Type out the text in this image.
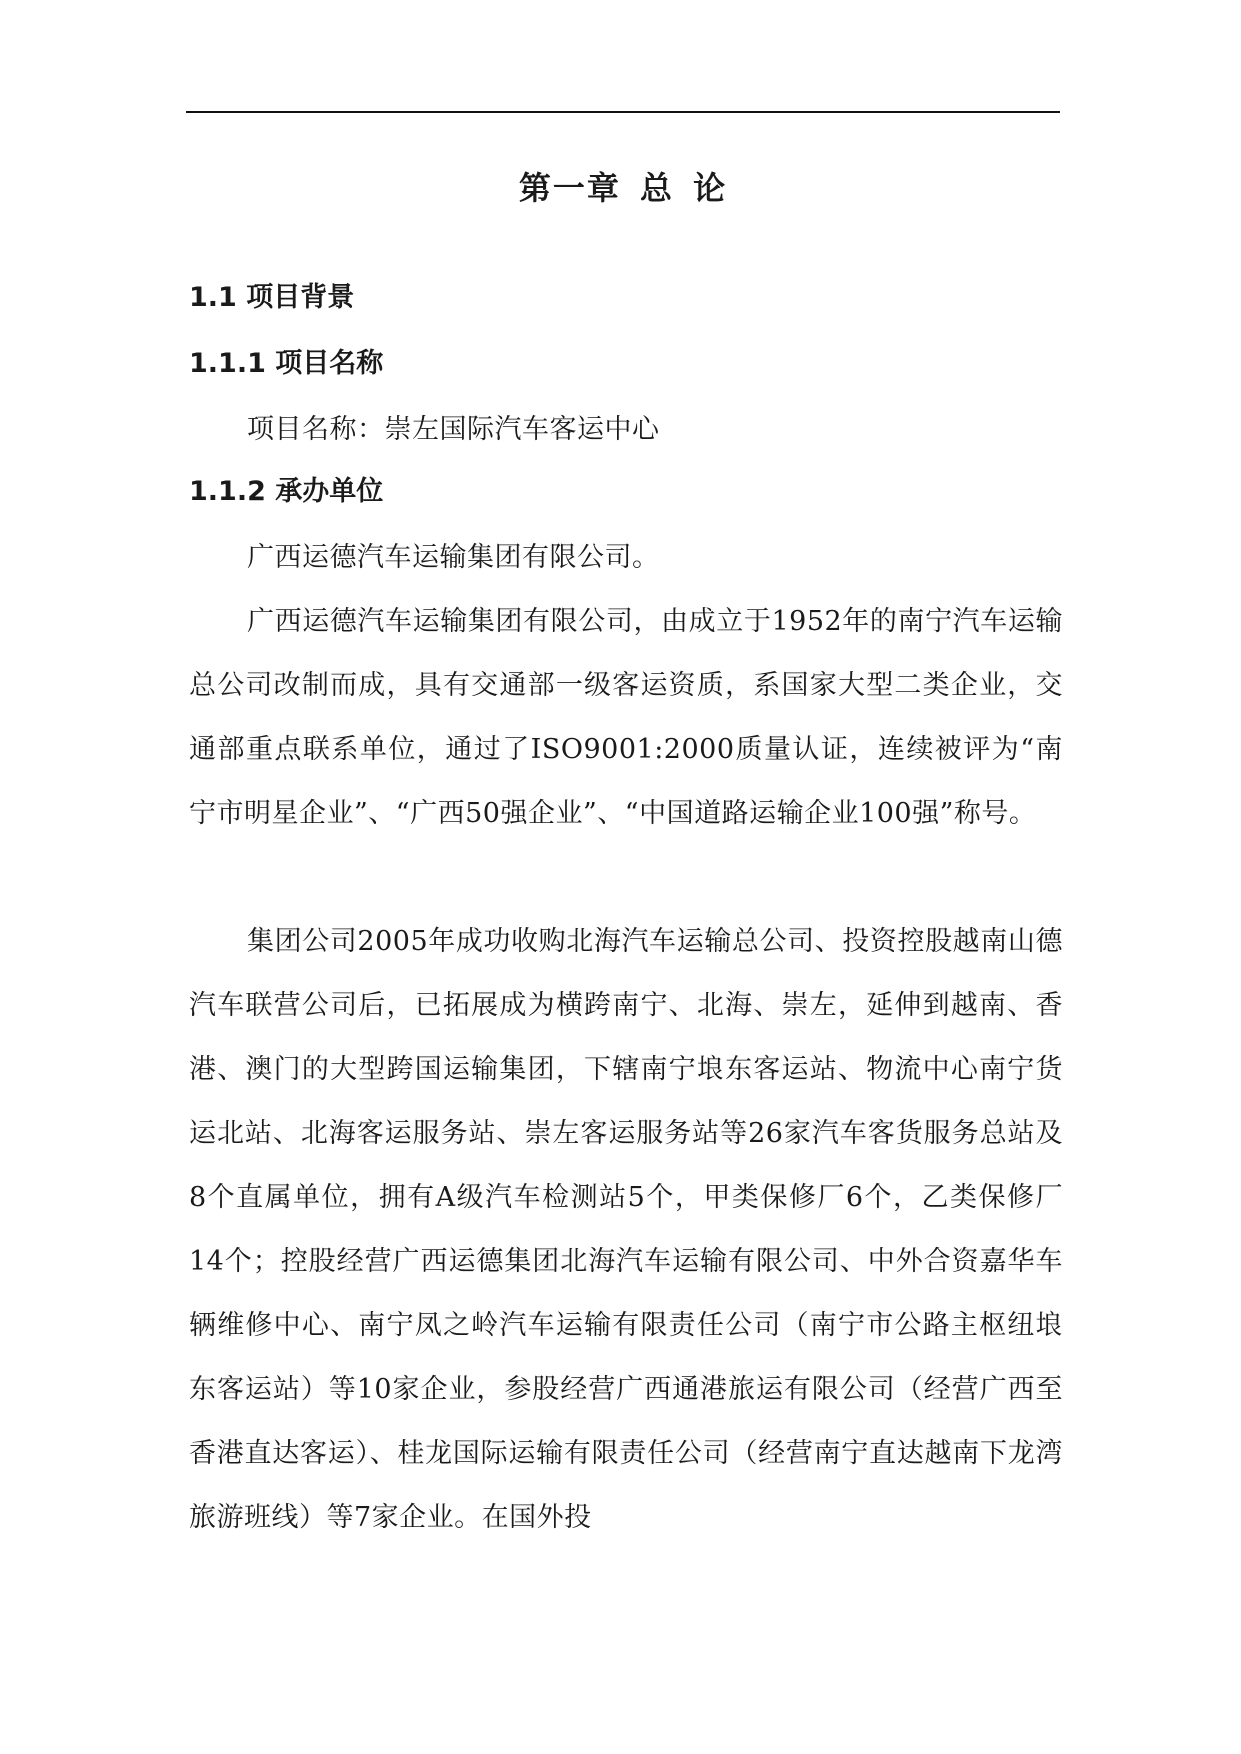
第一章 总 论
1.1 项目背景
1.1.1 项目名称

项目名称：崇左国际汽车客运中心

1.1.2 承办单位

广西运德汽车运输集团有限公司。

广西运德汽车运输集团有限公司，由成立于1952年的南宁汽车运输总公司改制而成，具有交通部一级客运资质，系国家大型二类企业，交通部重点联系单位，通过了ISO9001:2000质量认证，连续被评为“南宁市明星企业”、“广西50强企业”、“中国道路运输企业100强”称号。

集团公司2005年成功收购北海汽车运输总公司、投资控股越南山德汽车联营公司后，已拓展成为横跨南宁、北海、崇左，延伸到越南、香港、澳门的大型跨国运输集团，下辖南宁埌东客运站、物流中心南宁货运北站、北海客运服务站、崇左客运服务站等26家汽车客货服务总站及8个直属单位，拥有A级汽车检测站5个，甲类保修厂6个，乙类保修厂14个；控股经营广西运德集团北海汽车运输有限公司、中外合资嘉华车辆维修中心、南宁凤之岭汽车运输有限责任公司（南宁市公路主枢纽埌东客运站）等10家企业，参股经营广西通港旅运有限公司（经营广西至香港直达客运）、桂龙国际运输有限责任公司（经营南宁直达越南下龙湾旅游班线）等7家企业。在国外投
